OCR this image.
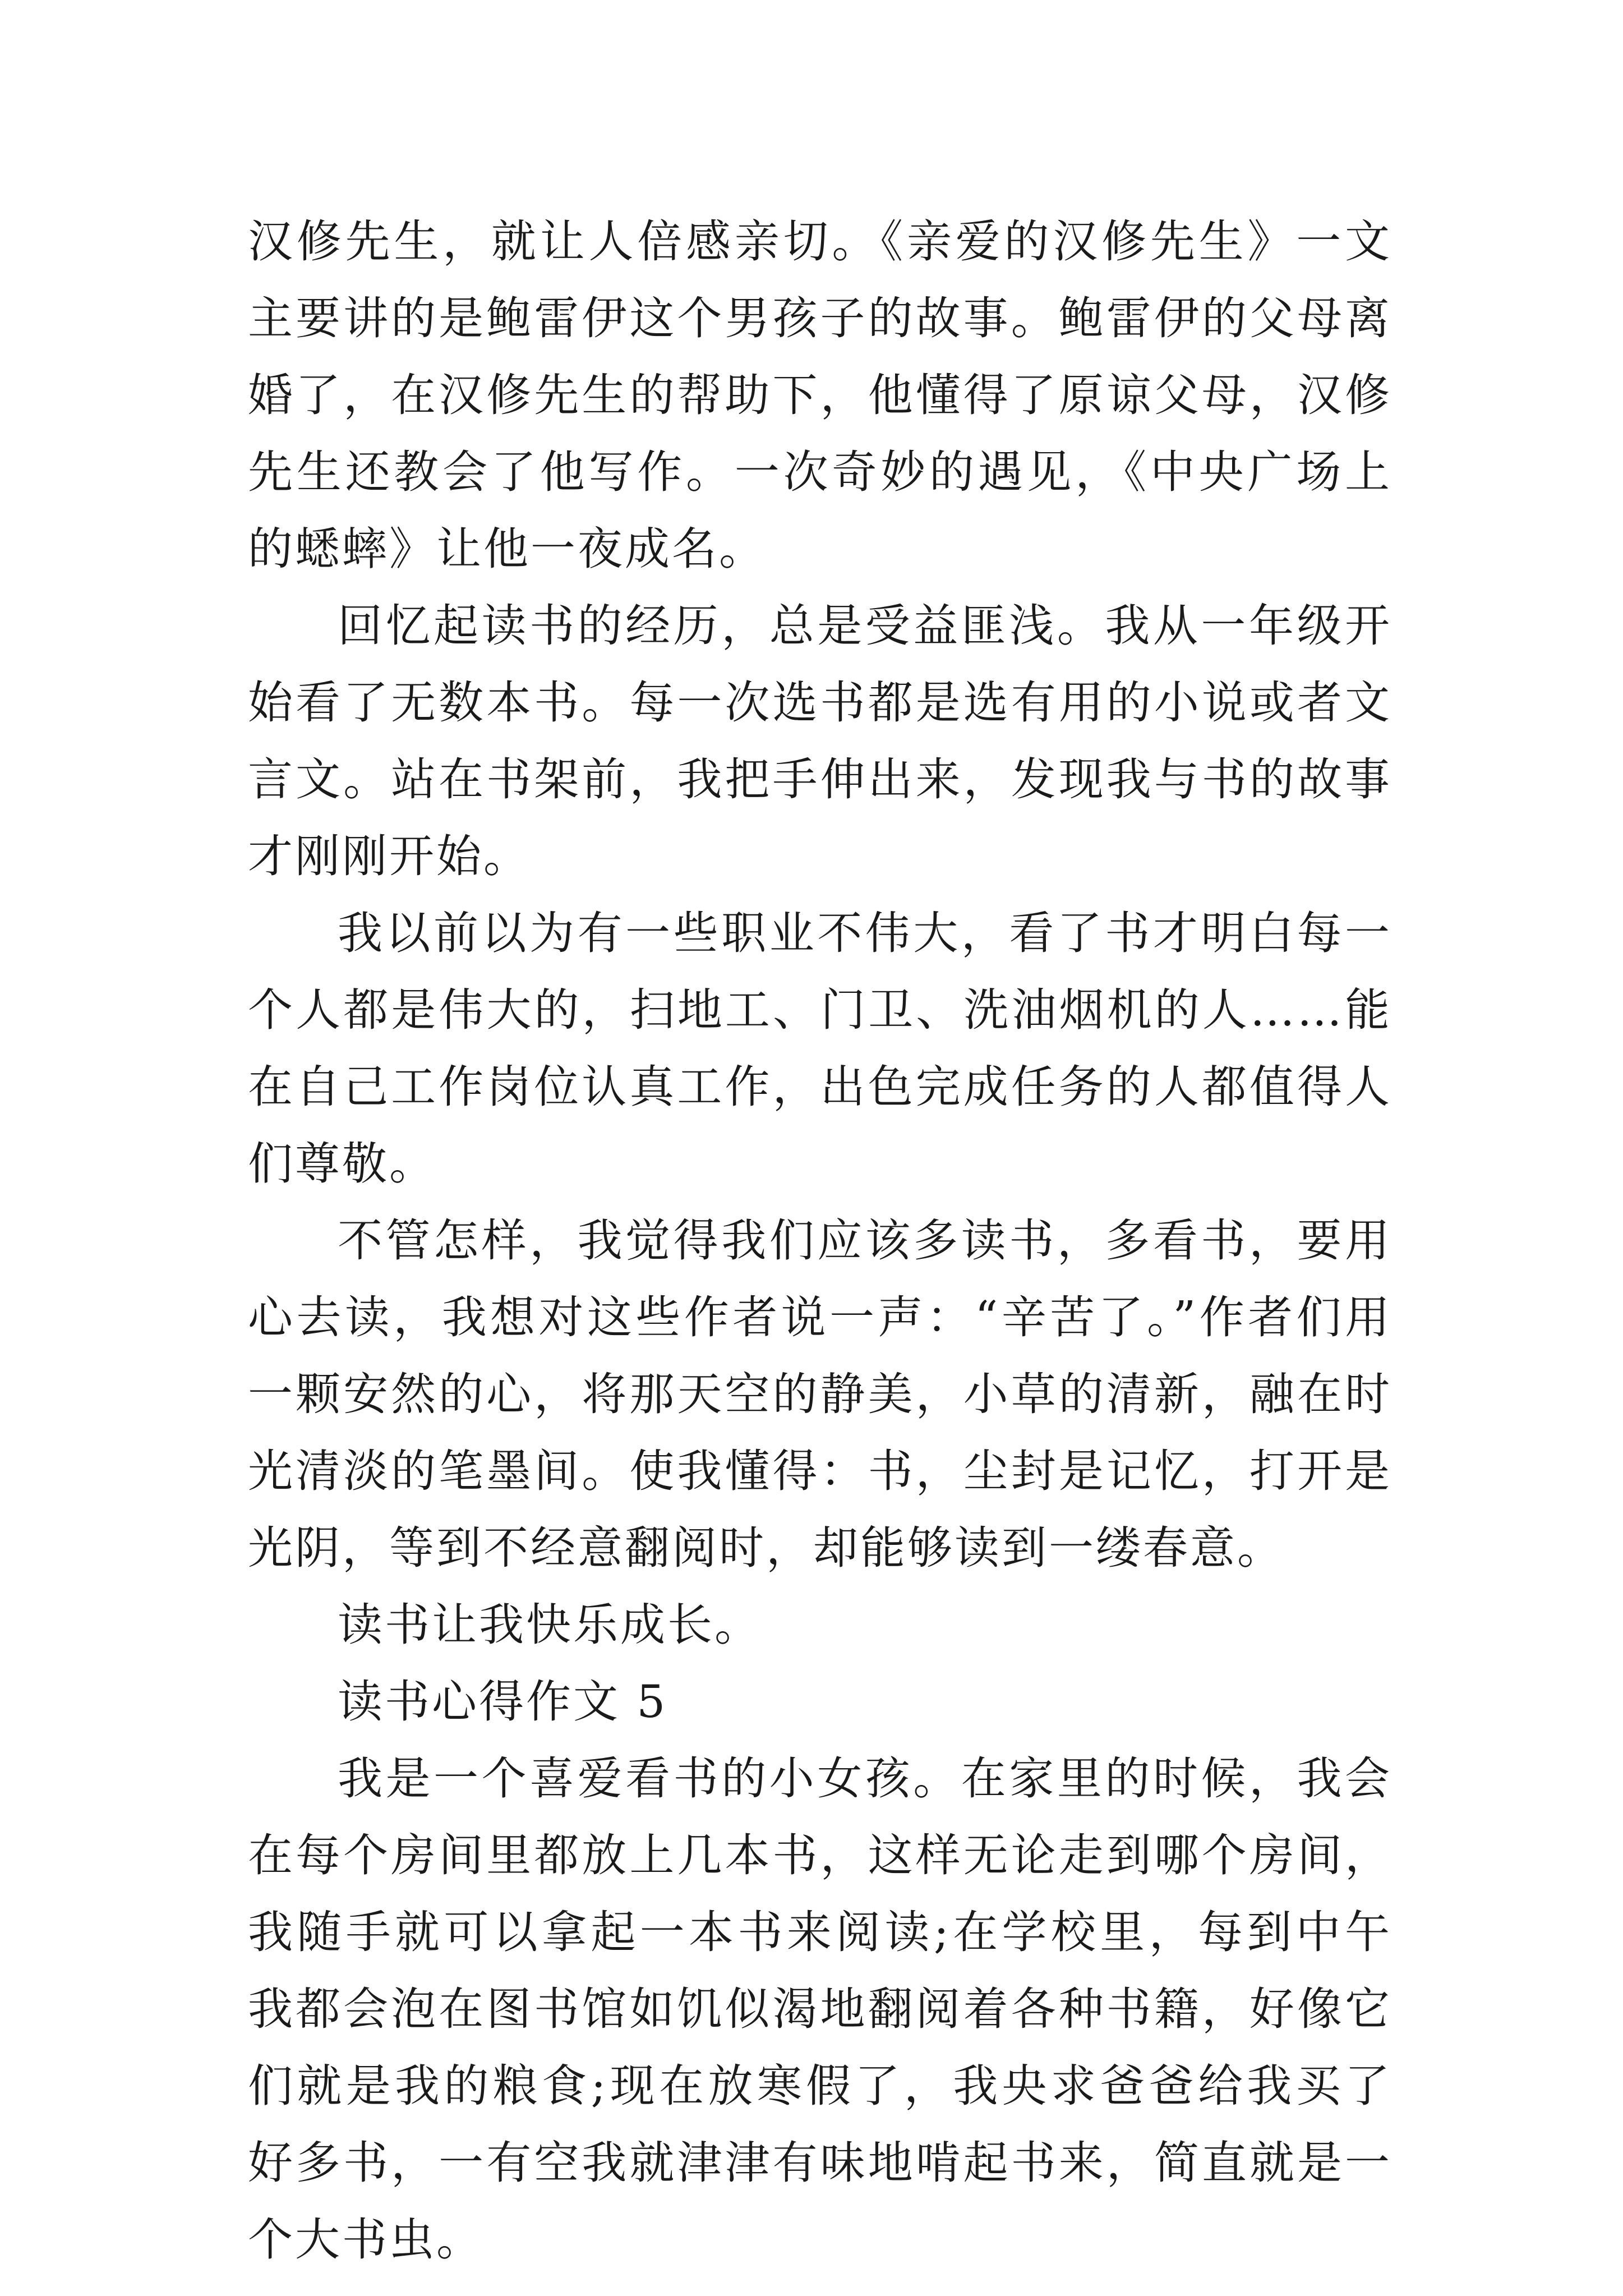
汉修先生，就让人倍感亲切。《亲爱的汉修先生》一文主要讲的是鲍雷伊这个男孩子的故事。鲍雷伊的父母离婚了，在汉修先生的帮助下，他懂得了原谅父母，汉修先生还教会了他写作。一次奇妙的遇见，《中央广场上的蟋蟀》让他一夜成名。

回忆起读书的经历，总是受益匪浅。我从一年级开始看了无数本书。每一次选书都是选有用的小说或者文言文。站在书架前，我把手伸出来，发现我与书的故事才刚刚开始。

我以前以为有一些职业不伟大，看了书才明白每一个人都是伟大的，扫地工、门卫、洗油烟机的人……能在自己工作岗位认真工作，出色完成任务的人都值得人们尊敬。

不管怎样，我觉得我们应该多读书，多看书，要用心去读，我想对这些作者说一声：“辛苦了。”作者们用一颗安然的心，将那天空的静美，小草的清新，融在时光清淡的笔墨间。使我懂得：书，尘封是记忆，打开是光阴，等到不经意翻阅时，却能够读到一缕春意。

读书让我快乐成长。

读书心得作文 5

我是一个喜爱看书的小女孩。在家里的时候，我会在每个房间里都放上几本书，这样无论走到哪个房间，我随手就可以拿起一本书来阅读;在学校里，每到中午我都会泡在图书馆如饥似渴地翻阅着各种书籍，好像它们就是我的粮食;现在放寒假了，我央求爸爸给我买了好多书，一有空我就津津有味地啃起书来，简直就是一个大书虫。
